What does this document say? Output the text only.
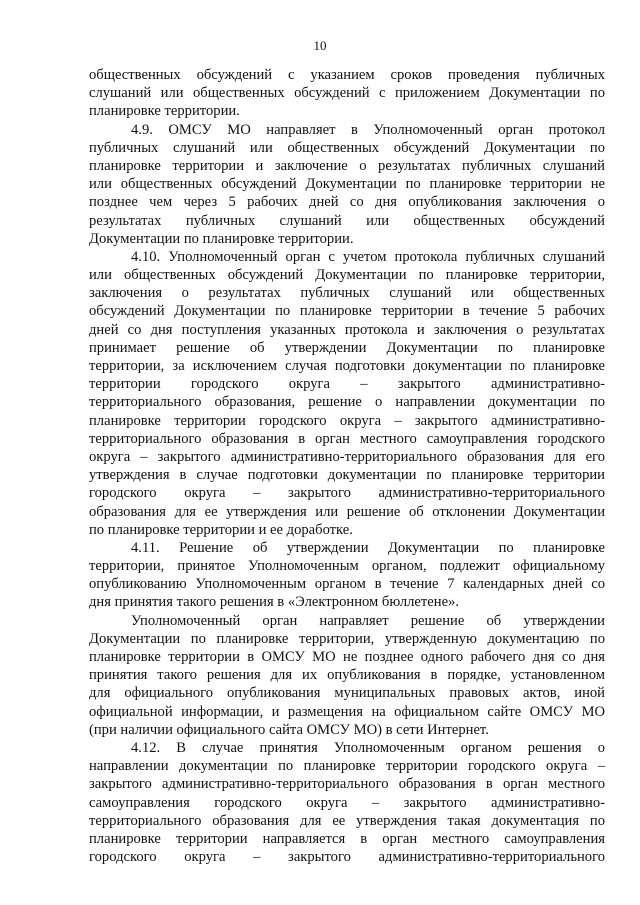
10
общественных обсуждений с указанием сроков проведения публичных
слушаний или общественных обсуждений с приложением Документации по
планировке территории.
4.9. ОМСУ МО направляет в Уполномоченный орган протокол
публичных слушаний или общественных обсуждений Документации по
планировке территории и заключение о результатах публичных слушаний
или общественных обсуждений Документации по планировке территории не
позднее чем через 5 рабочих дней со дня опубликования заключения о
результатах публичных слушаний или общественных обсуждений
Документации по планировке территории.
4.10. Уполномоченный орган с учетом протокола публичных слушаний
или общественных обсуждений Документации по планировке территории,
заключения о результатах публичных слушаний или общественных
обсуждений Документации по планировке территории в течение 5 рабочих
дней со дня поступления указанных протокола и заключения о результатах
принимает решение об утверждении Документации по планировке
территории, за исключением случая подготовки документации по планировке
территории городского округа – закрытого административно-
территориального образования, решение о направлении документации по
планировке территории городского округа – закрытого административно-
территориального образования в орган местного самоуправления городского
округа – закрытого административно-территориального образования для его
утверждения в случае подготовки документации по планировке территории
городского округа – закрытого административно-территориального
образования для ее утверждения или решение об отклонении Документации
по планировке территории и ее доработке.
4.11. Решение об утверждении Документации по планировке
территории, принятое Уполномоченным органом, подлежит официальному
опубликованию Уполномоченным органом в течение 7 календарных дней со
дня принятия такого решения в «Электронном бюллетене».
Уполномоченный орган направляет решение об утверждении
Документации по планировке территории, утвержденную документацию по
планировке территории в ОМСУ МО не позднее одного рабочего дня со дня
принятия такого решения для их опубликования в порядке, установленном
для официального опубликования муниципальных правовых актов, иной
официальной информации, и размещения на официальном сайте ОМСУ МО
(при наличии официального сайта ОМСУ МО) в сети Интернет.
4.12. В случае принятия Уполномоченным органом решения о
направлении документации по планировке территории городского округа –
закрытого административно-территориального образования в орган местного
самоуправления городского округа – закрытого административно-
территориального образования для ее утверждения такая документация по
планировке территории направляется в орган местного самоуправления
городского округа – закрытого административно-территориального
